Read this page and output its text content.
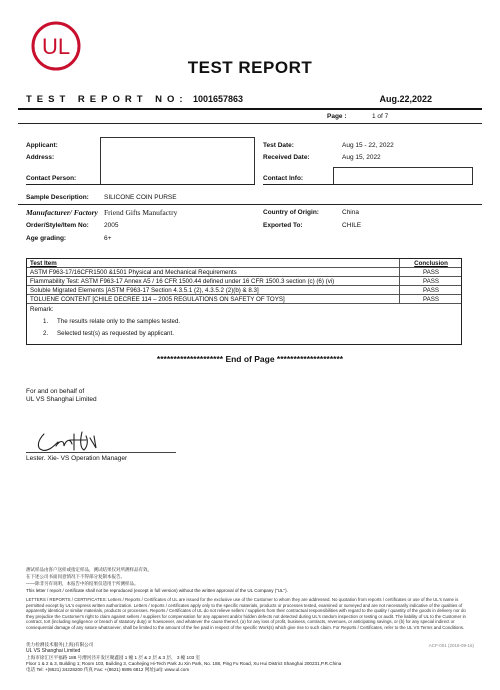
UL
TEST REPORT
TEST REPORT NO: 1001657863	Aug.22,2022
Page :	1 of 7
Applicant:
Address:
Contact Person:
Test Date:	Aug 15 - 22, 2022
Received Date:	Aug 15, 2022
Contact Info:
Sample Description: SILICONE COIN PURSE
Manufacturer/ Factory Friend Gifts Manufactry	Country of Origin:	China
Order/Style/Item No: 2005	Exported To:	CHILE
Age grading:	6+
Test Item	Conclusion
ASTM F963-17/16CFR1500 &1501 Physical and Mechanical Requirements	PASS
Flammability Test: ASTM F963-17 Annex A5 / 16 CFR 1500.44 defined under 16 CFR 1500.3 section (c) (6) (vi)	PASS
Soluble Migrated Elements [ASTM F963-17 Section 4.3.5.1 (2), 4.3.5.2 (2)(b) & 8.3]	PASS
TOLUENE CONTENT [CHILE DECREE 114 – 2005 REGULATIONS ON SAFETY OF TOYS]	PASS
Remark:
1. The results relate only to the samples tested.
2. Selected test(s) as requested by applicant.
******************** End of Page ********************
For and on behalf of
UL VS Shanghai Limited
Lester. Xie- VS Operation Manager
测试样品由客户送样或指定样品，测试结果仅对所测样品有效。
在下述公司书面同意情况下不得部分复制本报告。
——除非另有说明，本报告中的结果仅适用于所测样品。
This letter / report / certificate shall not be reproduced (except in full version) without the written approval of the UL Company ("UL").
LETTERS / REPORTS / CERTIFICATES: Letters / Reports / Certificates of UL are issued for the exclusive use of the Customer to whom they are addressed. No quotation from reports / certificates or use of the UL's name is permitted except by UL's express written authorization. Letters / reports / certificates apply only to the specific materials, products or processes tested, examined or surveyed and are not necessarily indicative of the qualities of apparently identical or similar materials, products or processes. Reports / Certificates of UL do not relieve sellers / suppliers from their contractual responsibilities with regard to the quality / quantity of the goods in delivery nor do they prejudice the Customer's right to claim against sellers / suppliers for compensation for any apparent and/or hidden defects not detected during UL's random inspection or testing or audit. The liability of UL to the Customer in contract, tort (including negligence or breach of statutory duty) or howsoever, and whatever the cause thereof, (a) for any loss of profit, business, contracts, revenues, or anticipating savings, or (b) for any special indirect or consequential damage of any nature whatsoever, shall be limited to the amount of the fee paid in respect of the specific Work(s) which give rise to such claim. For Reports / Certificates, refer to the UL VS Terms and Conditions.
优力检测技术服务(上海)有限公司
UL VS Shanghai Limited
上海市徐汇区平福路 188 号漕河泾开发区聚鑫园 1 幢 1 层 & 2 层 & 3 层、 3 幢 103 室
Floor 1 & 2 & 3, Building 1; Room 103, Building 3, Caohejing Hi-Tech Park Ju Xin Park, No. 188, Ping Fu Road, Xu Hui District Shanghai 200231,P.R.China
电话 Tel: +(8621) 34228200 传真 Fax: +(8621) 6895 6812 网址(url): www.ul.com
ACF-001 (2018-09-16)
